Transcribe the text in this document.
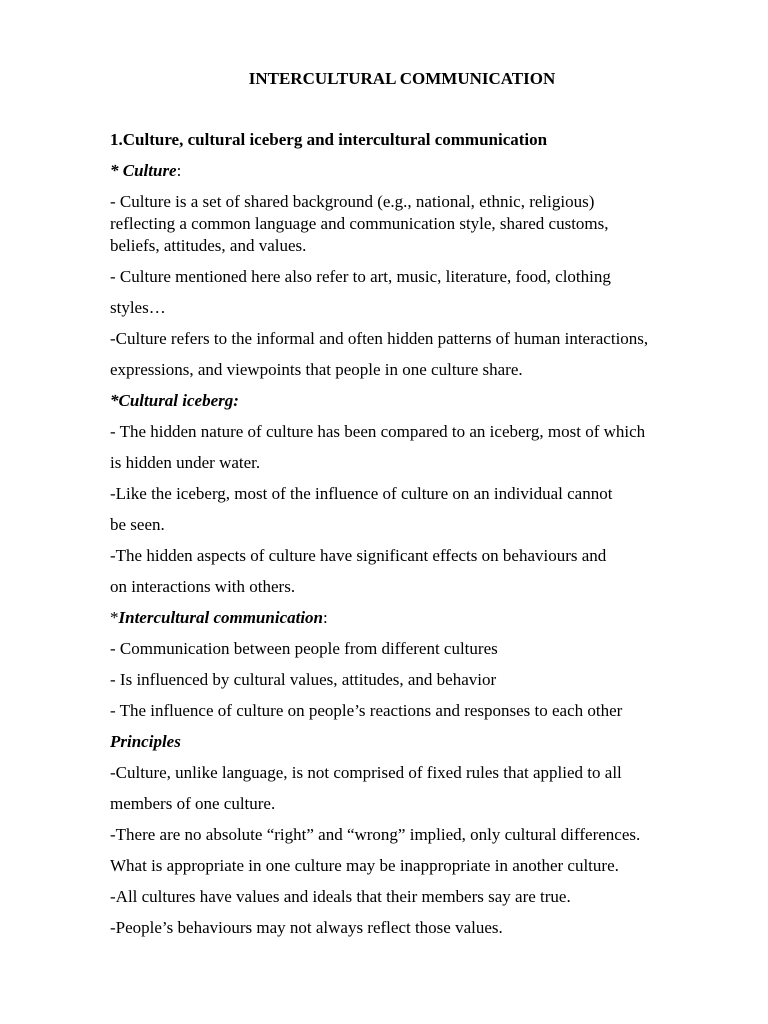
INTERCULTURAL COMMUNICATION
1.Culture, cultural iceberg and intercultural communication
* Culture:
- Culture is a set of shared background (e.g., national, ethnic, religious)
reflecting a common language and communication style, shared customs,
beliefs, attitudes, and values.
- Culture mentioned here also refer to art, music, literature, food, clothing
styles…
-Culture refers to the informal and often hidden patterns of human interactions,
expressions, and viewpoints that people in one culture share.
*Cultural iceberg:
- The hidden nature of culture has been compared to an iceberg, most of which
is hidden under water.
-Like the iceberg, most of the influence of culture on an individual cannot
be seen.
-The hidden aspects of culture have significant effects on behaviours and
on interactions with others.
*Intercultural communication:
- Communication between people from different cultures
- Is influenced by cultural values, attitudes, and behavior
- The influence of culture on people’s reactions and responses to each other
Principles
-Culture, unlike language, is not comprised of fixed rules that applied to all
members of one culture.
-There are no absolute “right” and “wrong” implied, only cultural differences.
What is appropriate in one culture may be inappropriate in another culture.
-All cultures have values and ideals that their members say are true.
-People’s behaviours may not always reflect those values.
